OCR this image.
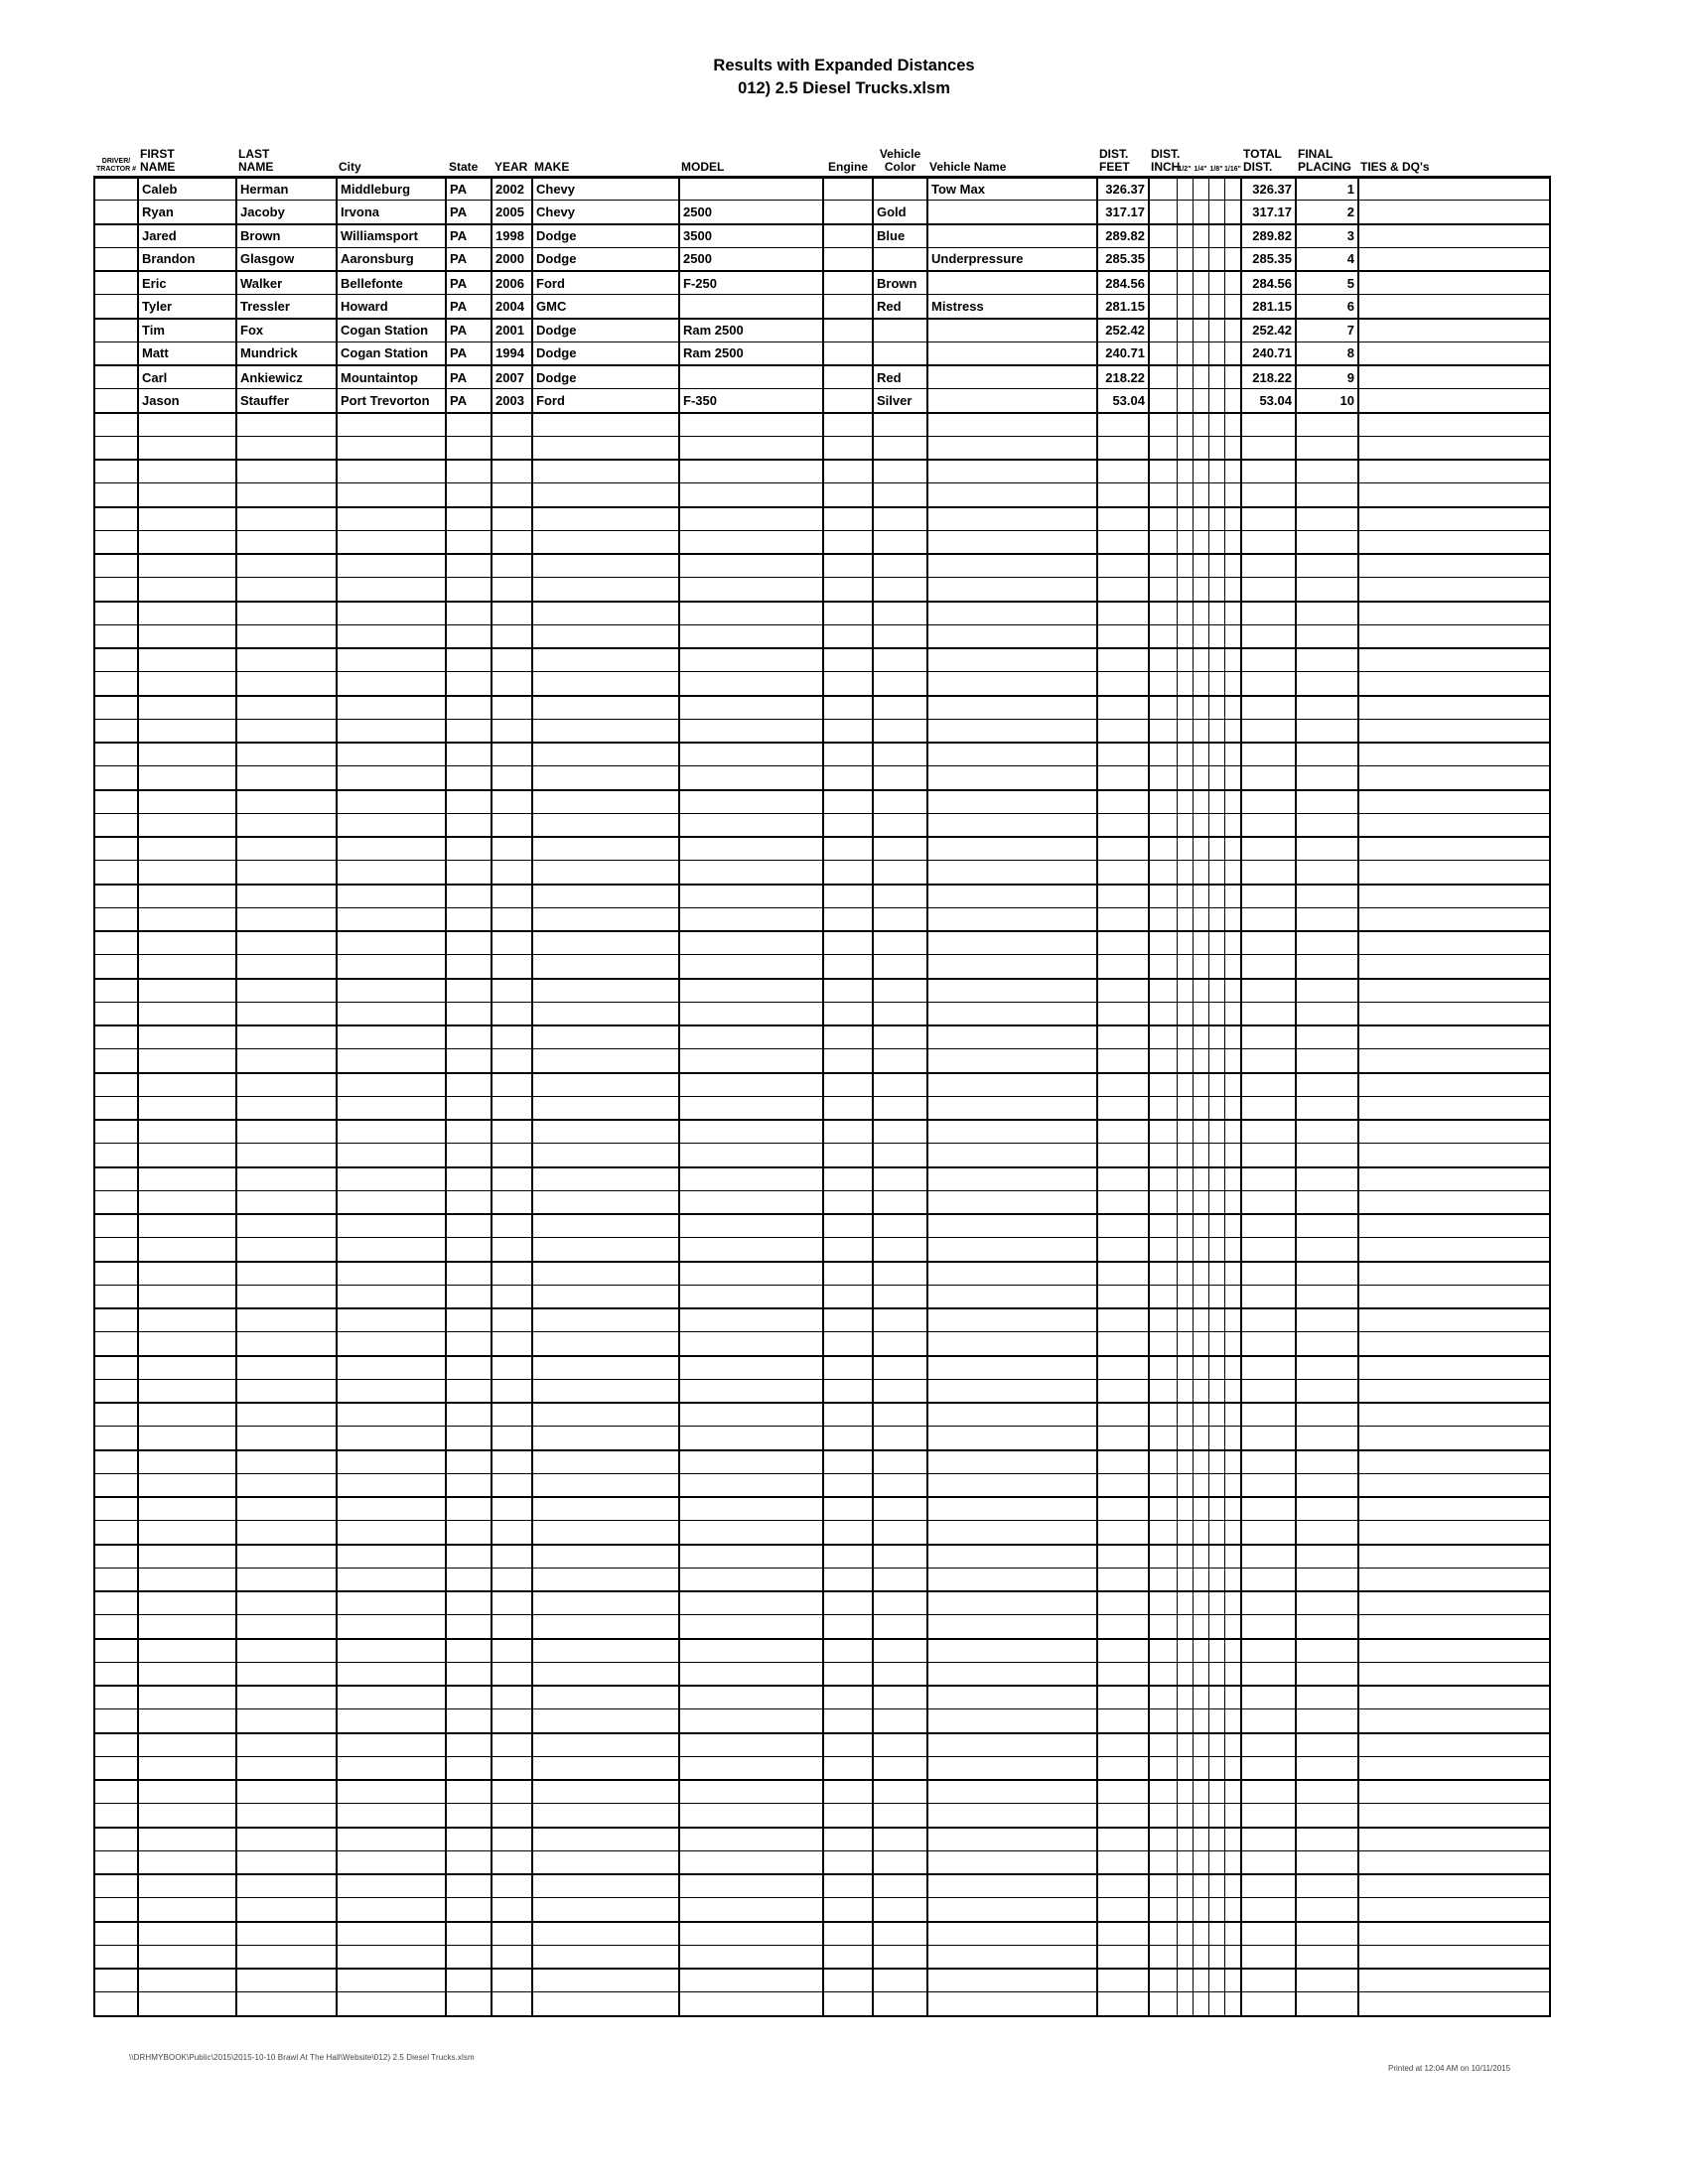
Results with Expanded Distances
012) 2.5 Diesel Trucks.xlsm
DRIVER/
TRACTOR #	FIRST
NAME	LAST
NAME	City	State	YEAR	MAKE	MODEL	Engine	Vehicle
Color	Vehicle Name	DIST.
FEET	DIST.
INCH	1/2"	1/4"	1/8"	1/16"	TOTAL
DIST.	FINAL
PLACING	TIES & DQ's
	Caleb	Herman	Middleburg	PA	2002	Chevy				Tow Max	326.37						326.37	1	
	Ryan	Jacoby	Irvona	PA	2005	Chevy	2500		Gold		317.17						317.17	2	
	Jared	Brown	Williamsport	PA	1998	Dodge	3500		Blue		289.82						289.82	3	
	Brandon	Glasgow	Aaronsburg	PA	2000	Dodge	2500			Underpressure	285.35						285.35	4	
	Eric	Walker	Bellefonte	PA	2006	Ford	F-250		Brown		284.56						284.56	5	
	Tyler	Tressler	Howard	PA	2004	GMC			Red	Mistress	281.15						281.15	6	
	Tim	Fox	Cogan Station	PA	2001	Dodge	Ram 2500				252.42						252.42	7	
	Matt	Mundrick	Cogan Station	PA	1994	Dodge	Ram 2500				240.71						240.71	8	
	Carl	Ankiewicz	Mountaintop	PA	2007	Dodge			Red		218.22						218.22	9	
	Jason	Stauffer	Port Trevorton	PA	2003	Ford	F-350		Silver		53.04						53.04	10	

\\DRHMYBOOK\Public\2015\2015-10-10 Brawl At The Hall\Website\012) 2.5 Diesel Trucks.xlsm
Printed at 12:04 AM on 10/11/2015
